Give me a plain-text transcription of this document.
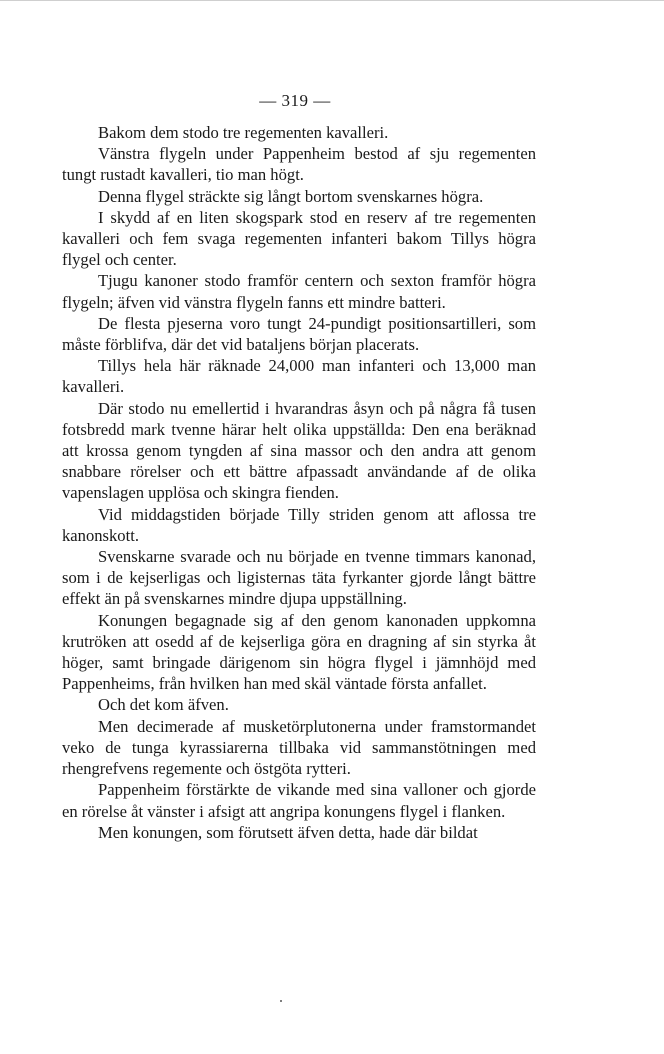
— 319 —

Bakom dem stodo tre regementen kavalleri.

Vänstra flygeln under Pappenheim bestod af sju regementen tungt rustadt kavalleri, tio man högt.

Denna flygel sträckte sig långt bortom svenskarnes högra.

I skydd af en liten skogspark stod en reserv af tre regementen kavalleri och fem svaga regementen infanteri bakom Tillys högra flygel och center.

Tjugu kanoner stodo framför centern och sexton framför högra flygeln; äfven vid vänstra flygeln fanns ett mindre batteri.

De flesta pjeserna voro tungt 24-pundigt positionsartilleri, som måste förblifva, där det vid bataljens början placerats.

Tillys hela här räknade 24,000 man infanteri och 13,000 man kavalleri.

Där stodo nu emellertid i hvarandras åsyn och på några få tusen fotsbredd mark tvenne härar helt olika uppställda: Den ena beräknad att krossa genom tyngden af sina massor och den andra att genom snabbare rörelser och ett bättre afpassadt användande af de olika vapenslagen upplösa och skingra fienden.

Vid middagstiden började Tilly striden genom att aflossa tre kanonskott.

Svenskarne svarade och nu började en tvenne timmars kanonad, som i de kejserligas och ligisternas täta fyrkanter gjorde långt bättre effekt än på svenskarnes mindre djupa uppställning.

Konungen begagnade sig af den genom kanonaden uppkomna krutröken att osedd af de kejserliga göra en dragning af sin styrka åt höger, samt bringade därigenom sin högra flygel i jämnhöjd med Pappenheims, från hvilken han med skäl väntade första anfallet.

Och det kom äfven.

Men decimerade af musketörplutonerna under framstormandet veko de tunga kyrassiarerna tillbaka vid sammanstötningen med rhengrefvens regemente och östgöta rytteri.

Pappenheim förstärkte de vikande med sina valloner och gjorde en rörelse åt vänster i afsigt att angripa konungens flygel i flanken.

Men konungen, som förutsett äfven detta, hade där bildat
